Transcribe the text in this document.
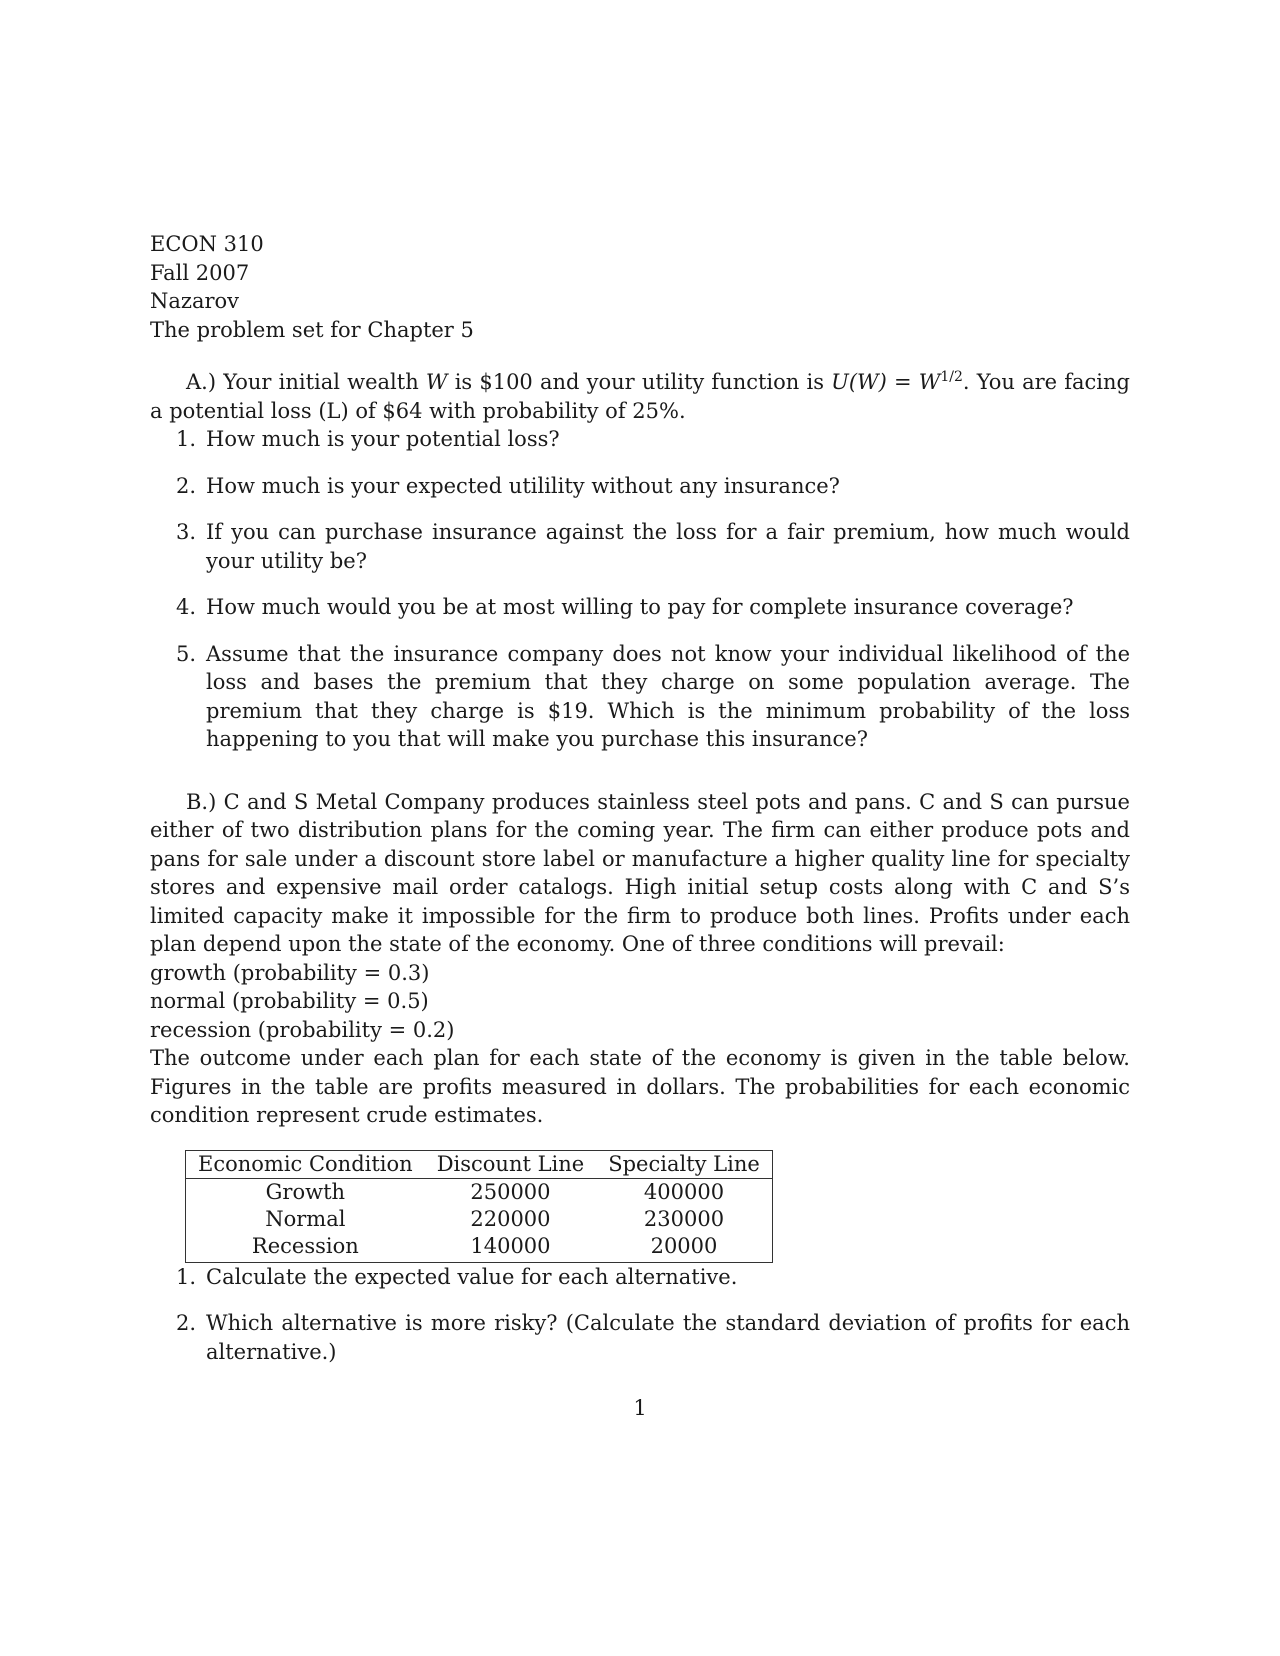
ECON 310
Fall 2007
Nazarov
The problem set for Chapter 5

A.) Your initial wealth W is $100 and your utility function is $U(W) = W^{1/2}$. You are facing a potential loss (L) of $64 with probability of 25%.

1. How much is your potential loss?
2. How much is your expected utilility without any insurance?
3. If you can purchase insurance against the loss for a fair premium, how much would your utility be?
4. How much would you be at most willing to pay for complete insurance coverage?
5. Assume that the insurance company does not know your individual likelihood of the loss and bases the premium that they charge on some population average. The premium that they charge is $19. Which is the minimum probability of the loss happening to you that will make you purchase this insurance?

B.) C and S Metal Company produces stainless steel pots and pans. C and S can pursue either of two distribution plans for the coming year. The firm can either produce pots and pans for sale under a discount store label or manufacture a higher quality line for specialty stores and expensive mail order catalogs. High initial setup costs along with C and S’s limited capacity make it impossible for the firm to produce both lines. Profits under each plan depend upon the state of the economy. One of three conditions will prevail:

growth (probability = 0.3)
normal (probability = 0.5)
recession (probability = 0.2)

The outcome under each plan for each state of the economy is given in the table below. Figures in the table are profits measured in dollars. The probabilities for each economic condition represent crude estimates.

Economic Condition	Discount Line	Specialty Line
Growth	250000	400000
Normal	220000	230000
Recession	140000	20000
1. Calculate the expected value for each alternative.
2. Which alternative is more risky? (Calculate the standard deviation of profits for each alternative.)
1
